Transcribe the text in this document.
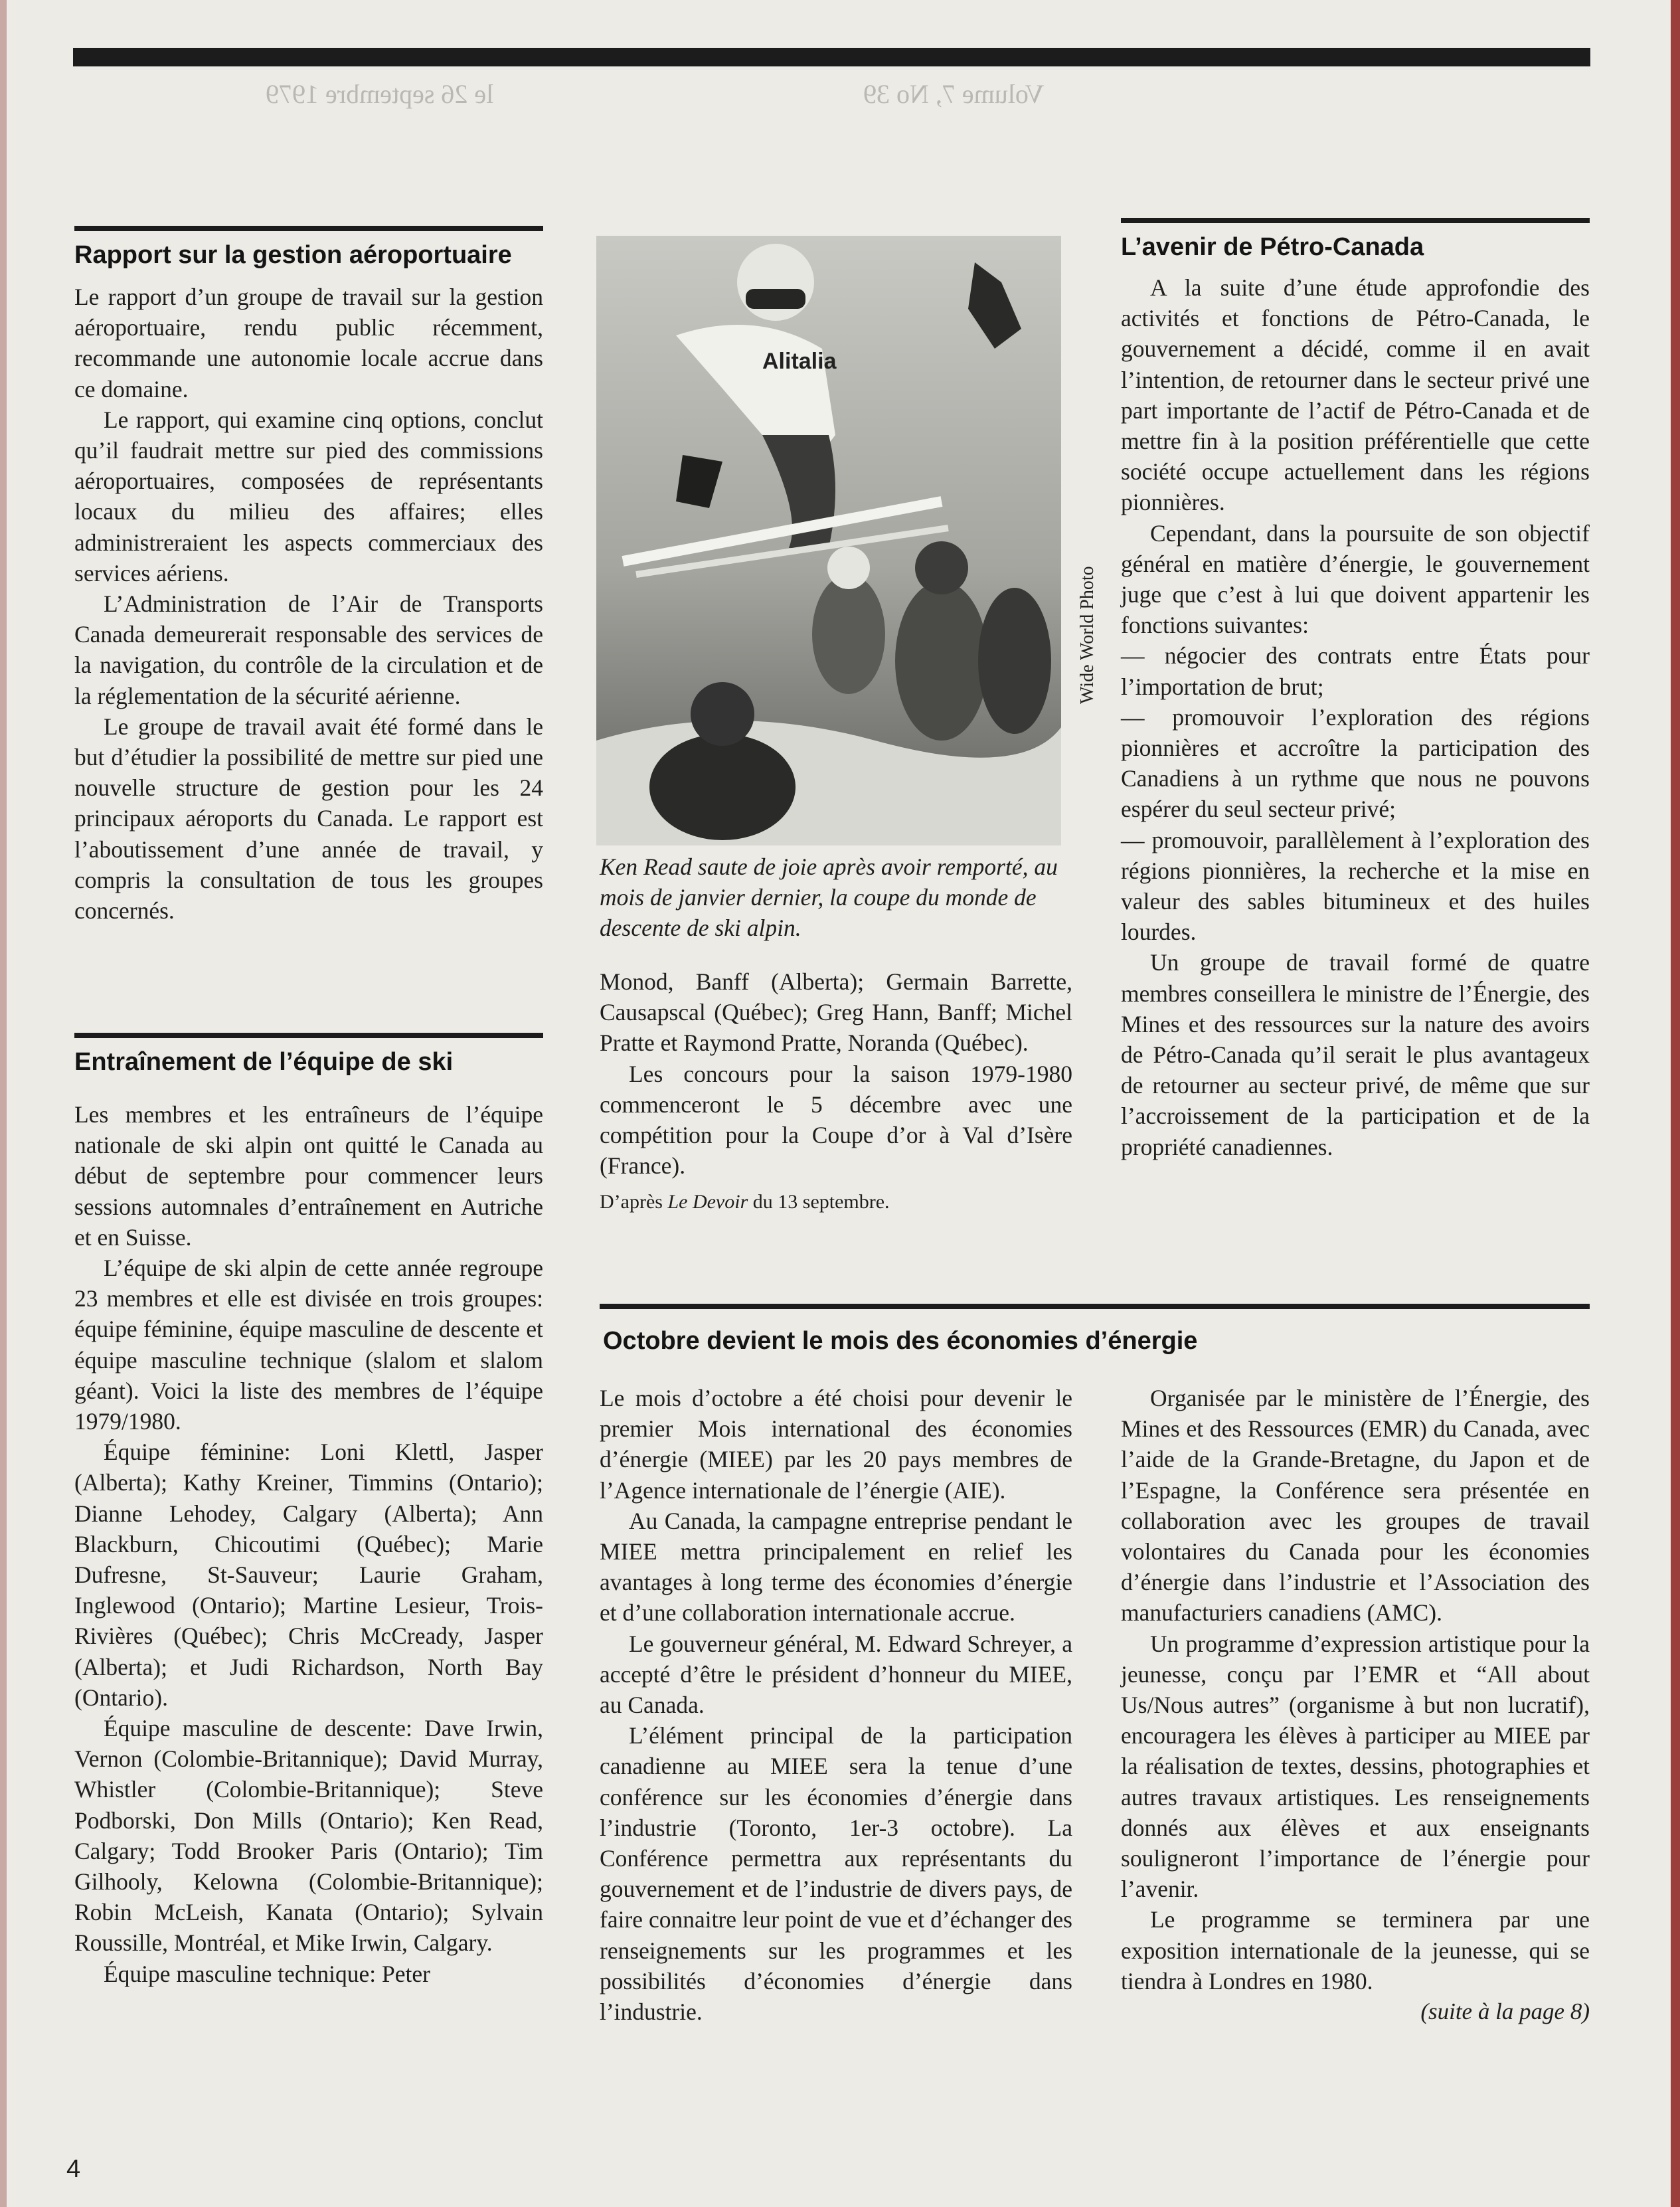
Volume 7, No 39
le 26 septembre 1979
Rapport sur la gestion aéroportuaire

Le rapport d’un groupe de travail sur la gestion aéroportuaire, rendu public récemment, recommande une autonomie locale accrue dans ce domaine.

Le rapport, qui examine cinq options, conclut qu’il faudrait mettre sur pied des commissions aéroportuaires, composées de représentants locaux du milieu des affaires; elles administreraient les aspects commerciaux des services aériens.

L’Administration de l’Air de Transports Canada demeurerait responsable des services de la navigation, du contrôle de la circulation et de la réglementation de la sécurité aérienne.

Le groupe de travail avait été formé dans le but d’étudier la possibilité de mettre sur pied une nouvelle structure de gestion pour les 24 principaux aéroports du Canada. Le rapport est l’aboutissement d’une année de travail, y compris la consultation de tous les groupes concernés.

Entraînement de l’équipe de ski

Les membres et les entraîneurs de l’équipe nationale de ski alpin ont quitté le Canada au début de septembre pour commencer leurs sessions automnales d’entraînement en Autriche et en Suisse.

L’équipe de ski alpin de cette année regroupe 23 membres et elle est divisée en trois groupes: équipe féminine, équipe masculine de descente et équipe masculine technique (slalom et slalom géant). Voici la liste des membres de l’équipe 1979/1980.

Équipe féminine: Loni Klettl, Jasper (Alberta); Kathy Kreiner, Timmins (Ontario); Dianne Lehodey, Calgary (Alberta); Ann Blackburn, Chicoutimi (Québec); Marie Dufresne, St-Sauveur; Laurie Graham, Inglewood (Ontario); Martine Lesieur, Trois-Rivières (Québec); Chris McCready, Jasper (Alberta); et Judi Richardson, North Bay (Ontario).

Équipe masculine de descente: Dave Irwin, Vernon (Colombie-Britannique); David Murray, Whistler (Colombie-Britannique); Steve Podborski, Don Mills (Ontario); Ken Read, Calgary; Todd Brooker Paris (Ontario); Tim Gilhooly, Kelowna (Colombie-Britannique); Robin McLeish, Kanata (Ontario); Sylvain Roussille, Montréal, et Mike Irwin, Calgary.

Équipe masculine technique: Peter

Alitalia
Wide World Photo
Ken Read saute de joie après avoir remporté, au mois de janvier dernier, la coupe du monde de descente de ski alpin.

Monod, Banff (Alberta); Germain Barrette, Causapscal (Québec); Greg Hann, Banff; Michel Pratte et Raymond Pratte, Noranda (Québec).

Les concours pour la saison 1979-1980 commenceront le 5 décembre avec une compétition pour la Coupe d’or à Val d’Isère (France).

D’après Le Devoir du 13 septembre.
L’avenir de Pétro-Canada

A la suite d’une étude approfondie des activités et fonctions de Pétro-Canada, le gouvernement a décidé, comme il en avait l’intention, de retourner dans le secteur privé une part importante de l’actif de Pétro-Canada et de mettre fin à la position préférentielle que cette société occupe actuellement dans les régions pionnières.

Cependant, dans la poursuite de son objectif général en matière d’énergie, le gouvernement juge que c’est à lui que doivent appartenir les fonctions suivantes:

— négocier des contrats entre États pour l’importation de brut;

— promouvoir l’exploration des régions pionnières et accroître la participation des Canadiens à un rythme que nous ne pouvons espérer du seul secteur privé;

— promouvoir, parallèlement à l’exploration des régions pionnières, la recherche et la mise en valeur des sables bitumineux et des huiles lourdes.

Un groupe de travail formé de quatre membres conseillera le ministre de l’Énergie, des Mines et des ressources sur la nature des avoirs de Pétro-Canada qu’il serait le plus avantageux de retourner au secteur privé, de même que sur l’accroissement de la participation et de la propriété canadiennes.

Octobre devient le mois des économies d’énergie

Le mois d’octobre a été choisi pour devenir le premier Mois international des économies d’énergie (MIEE) par les 20 pays membres de l’Agence internationale de l’énergie (AIE).

Au Canada, la campagne entreprise pendant le MIEE mettra principalement en relief les avantages à long terme des économies d’énergie et d’une collaboration internationale accrue.

Le gouverneur général, M. Edward Schreyer, a accepté d’être le président d’honneur du MIEE, au Canada.

L’élément principal de la participation canadienne au MIEE sera la tenue d’une conférence sur les économies d’énergie dans l’industrie (Toronto, 1er-3 octobre). La Conférence permettra aux représentants du gouvernement et de l’industrie de divers pays, de faire connaitre leur point de vue et d’échanger des renseignements sur les programmes et les possibilités d’économies d’énergie dans l’industrie.

Organisée par le ministère de l’Énergie, des Mines et des Ressources (EMR) du Canada, avec l’aide de la Grande-Bretagne, du Japon et de l’Espagne, la Conférence sera présentée en collaboration avec les groupes de travail volontaires du Canada pour les économies d’énergie dans l’industrie et l’Association des manufacturiers canadiens (AMC).

Un programme d’expression artistique pour la jeunesse, conçu par l’EMR et “All about Us/Nous autres” (organisme à but non lucratif), encouragera les élèves à participer au MIEE par la réalisation de textes, dessins, photographies et autres travaux artistiques. Les renseignements donnés aux élèves et aux enseignants souligneront l’importance de l’énergie pour l’avenir.

Le programme se terminera par une exposition internationale de la jeunesse, qui se tiendra à Londres en 1980.

(suite à la page 8)
4
